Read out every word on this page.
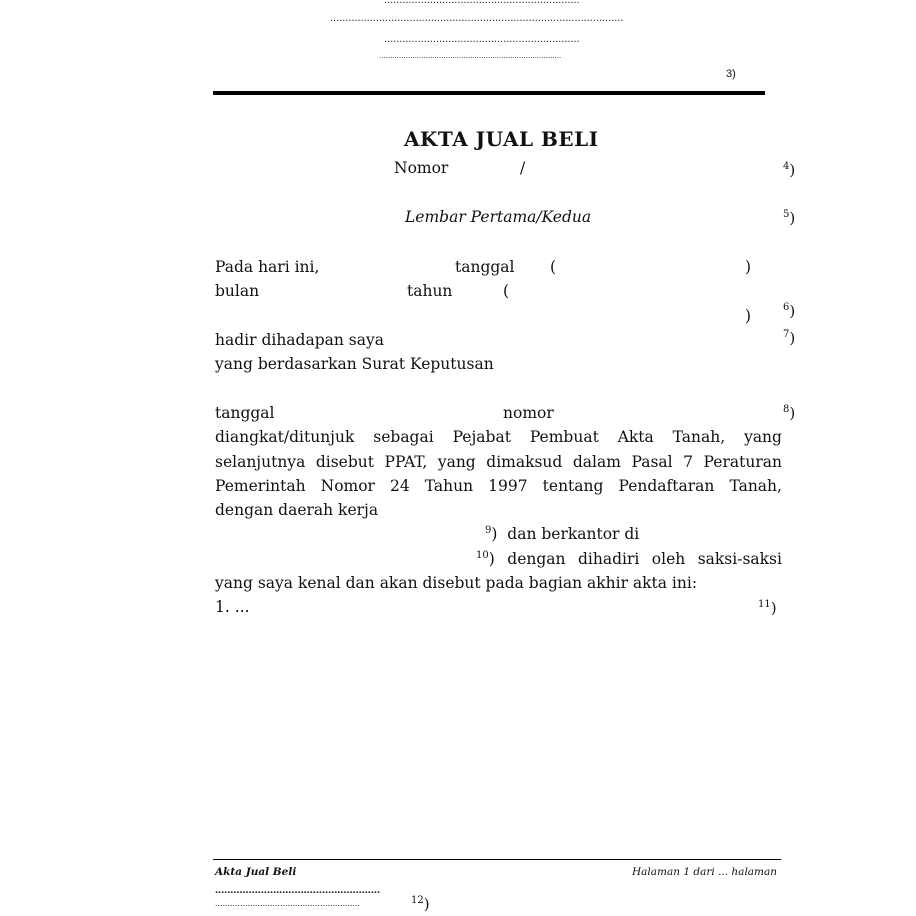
................................................................
................................................................................................
................................................................
..................................................................................
3)
AKTA JUAL BELI
Nomor	/	$^4$)
Lembar Pertama/Kedua	$^5$)
Pada hari ini,	tanggal (	)
bulan	tahun	(
)	$^6$)
hadir dihadapan saya	$^7$)
yang berdasarkan Surat Keputusan
tanggal	nomor	$^8$)
diangkat/ditunjuk sebagai Pejabat Pembuat Akta Tanah, yang
selanjutnya disebut PPAT, yang dimaksud dalam Pasal 7 Peraturan
Pemerintah Nomor 24 Tahun 1997 tentang Pendaftaran Tanah,
dengan daerah kerja
$^9$)  dan berkantor di
$^{10}$) dengan dihadiri oleh saksi-saksi
yang saya kenal dan akan disebut pada bagian akhir akta ini:
1. ...	$^{11}$)
Akta Jual Beli	Halaman 1 dari ... halaman
......................................................
..........................................................	$^{12}$)
